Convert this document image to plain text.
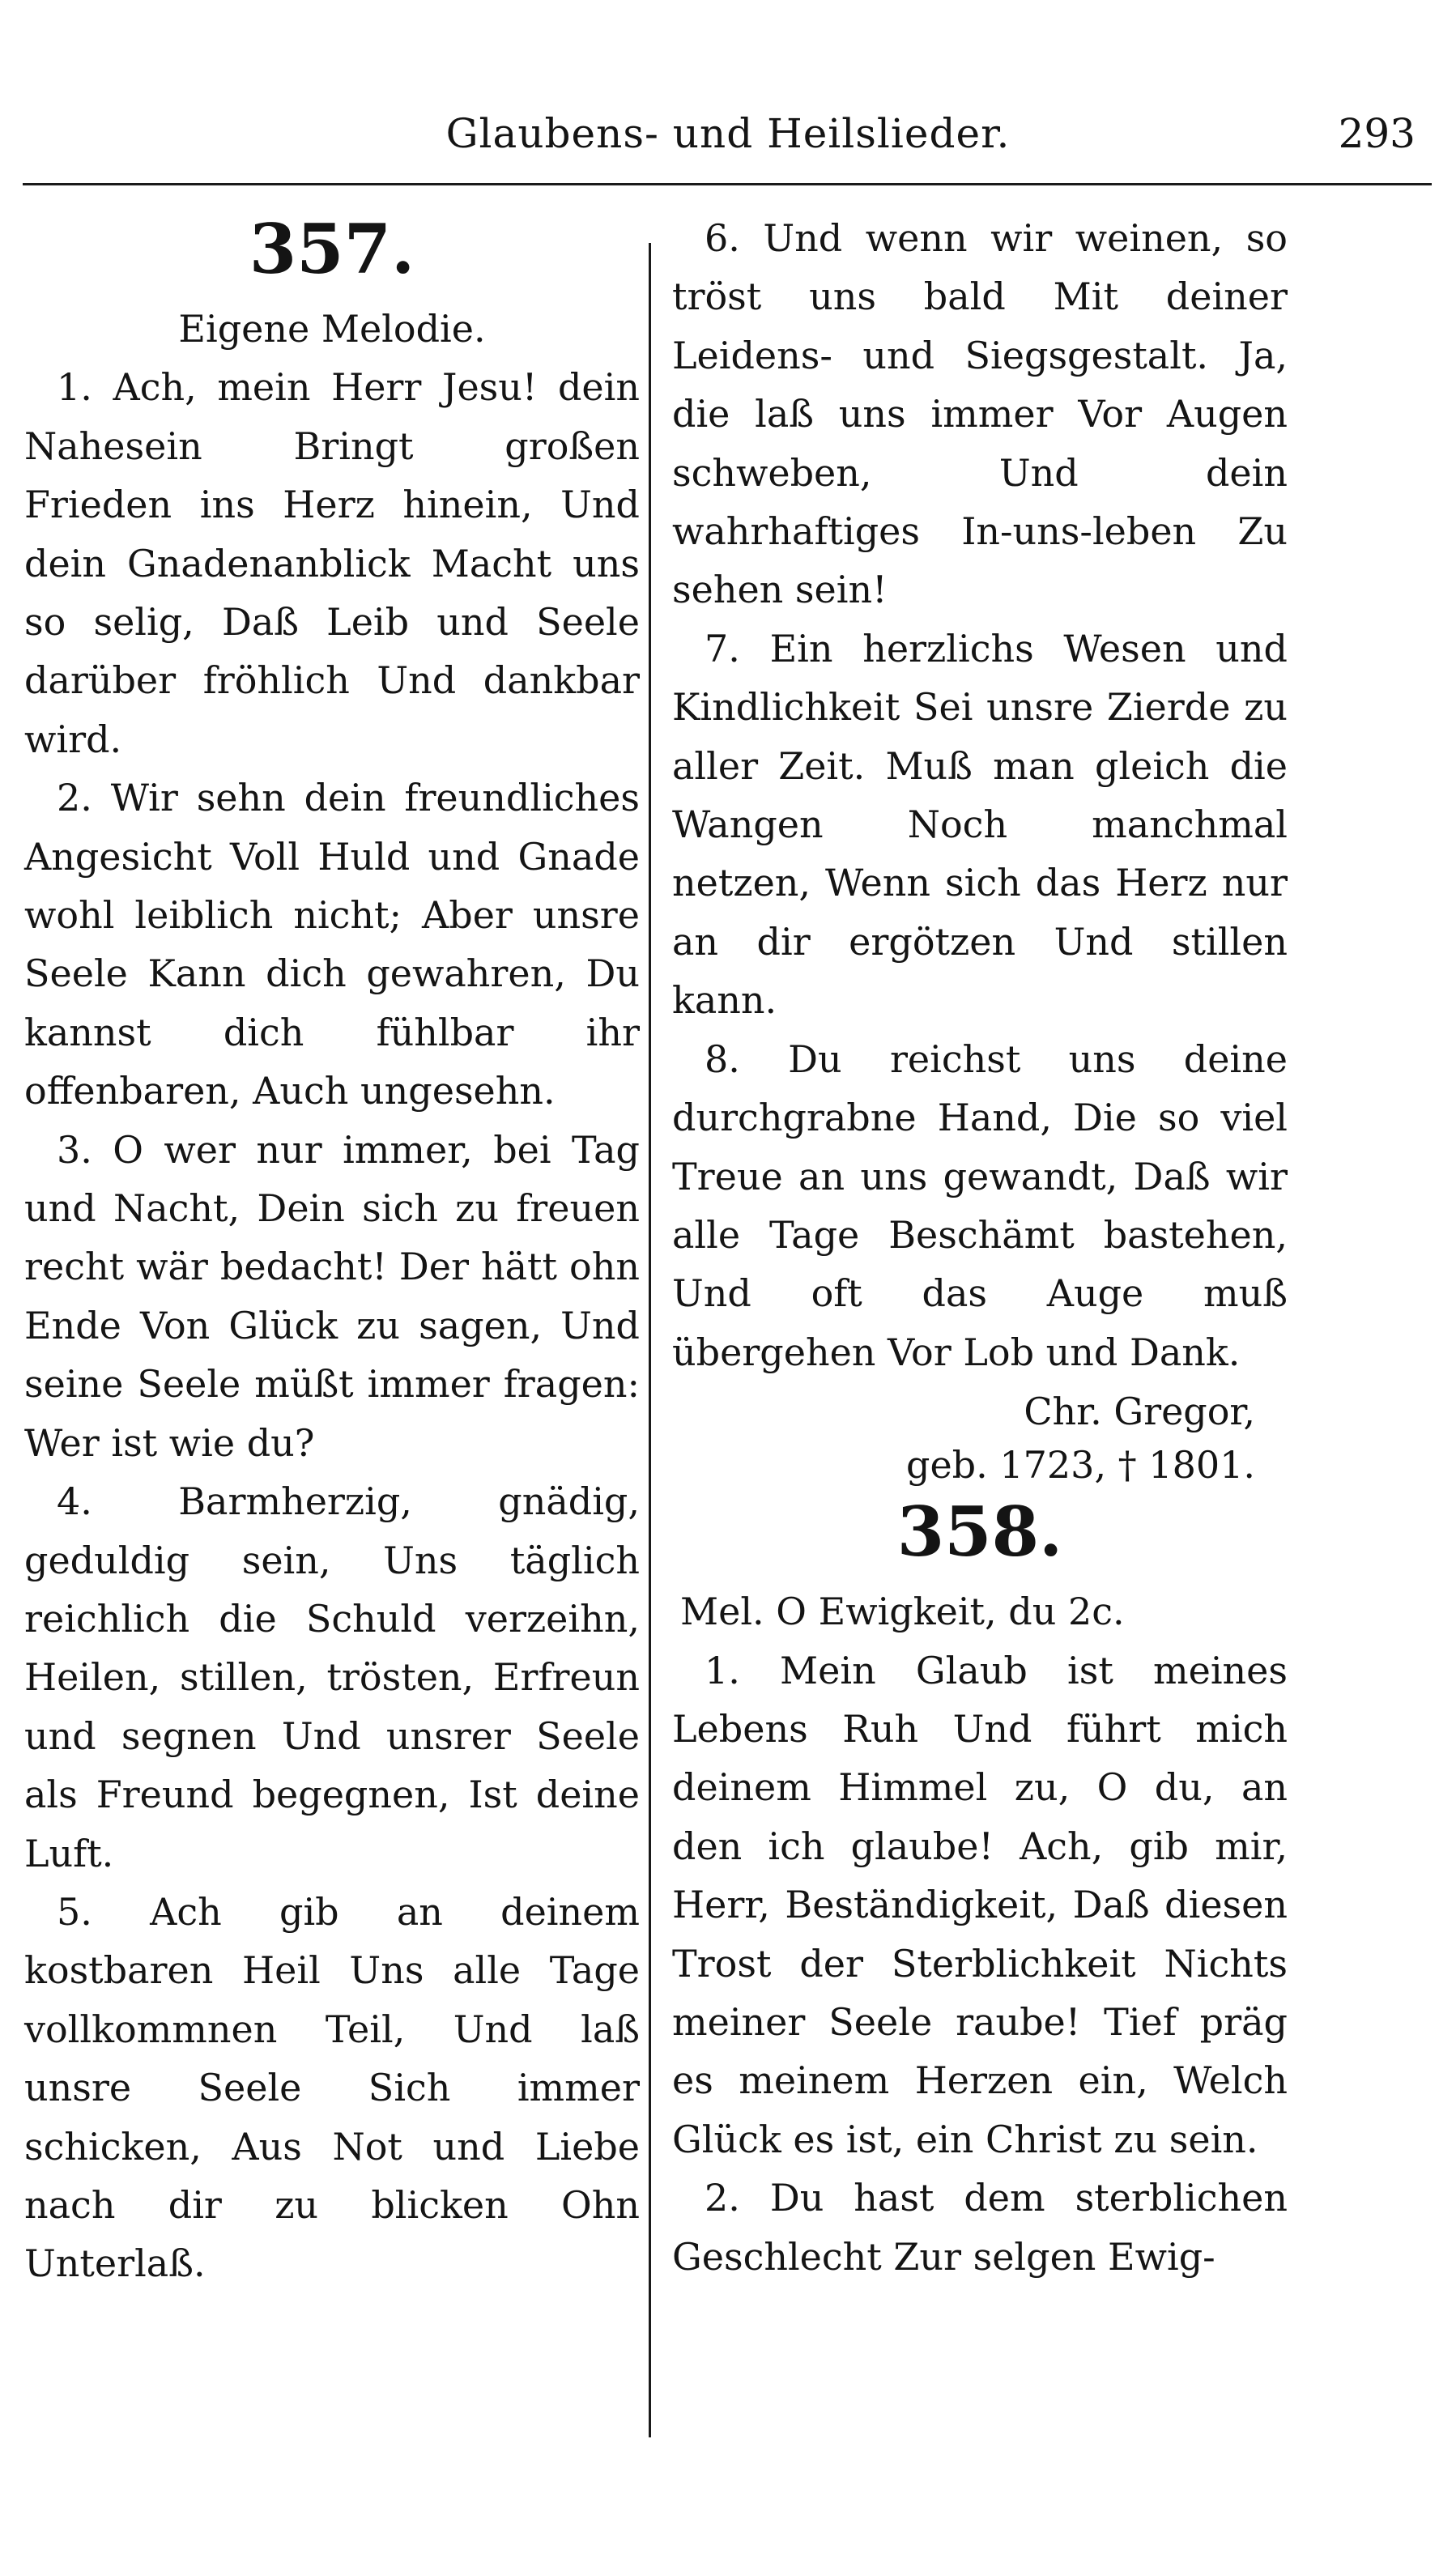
Glaubens- und Heilslieder.	293
357.
Eigene Melodie.

1. Ach, mein Herr Jesu! dein Nahesein Bringt großen Frieden ins Herz hinein, Und dein Gnadenanblick Macht uns so selig, Daß Leib und Seele darüber fröhlich Und dankbar wird.

2. Wir sehn dein freundliches Angesicht Voll Huld und Gnade wohl leiblich nicht; Aber unsre Seele Kann dich gewahren, Du kannst dich fühlbar ihr offenbaren, Auch ungesehn.

3. O wer nur immer, bei Tag und Nacht, Dein sich zu freuen recht wär bedacht! Der hätt ohn Ende Von Glück zu sagen, Und seine Seele müßt immer fragen: Wer ist wie du?

4. Barmherzig, gnädig, geduldig sein, Uns täglich reichlich die Schuld verzeihn, Heilen, stillen, trösten, Erfreun und segnen Und unsrer Seele als Freund begegnen, Ist deine Luft.

5. Ach gib an deinem kostbaren Heil Uns alle Tage vollkommnen Teil, Und laß unsre Seele Sich immer schicken, Aus Not und Liebe nach dir zu blicken Ohn Unterlaß.

6. Und wenn wir weinen, so tröst uns bald Mit deiner Leidens- und Siegsgestalt. Ja, die laß uns immer Vor Augen schweben, Und dein wahrhaftiges In-uns-leben Zu sehen sein!

7. Ein herzlichs Wesen und Kindlichkeit Sei unsre Zierde zu aller Zeit. Muß man gleich die Wangen Noch manchmal netzen, Wenn sich das Herz nur an dir ergötzen Und stillen kann.

8. Du reichst uns deine durchgrabne Hand, Die so viel Treue an uns gewandt, Daß wir alle Tage Beschämt bastehen, Und oft das Auge muß übergehen Vor Lob und Dank.

Chr. Gregor,
geb. 1723, † 1801.
358.
Mel. O Ewigkeit, du 2c.

1. Mein Glaub ist meines Lebens Ruh Und führt mich deinem Himmel zu, O du, an den ich glaube! Ach, gib mir, Herr, Beständigkeit, Daß diesen Trost der Sterblichkeit Nichts meiner Seele raube! Tief präg es meinem Herzen ein, Welch Glück es ist, ein Christ zu sein.

2. Du hast dem sterblichen Geschlecht Zur selgen Ewig-
